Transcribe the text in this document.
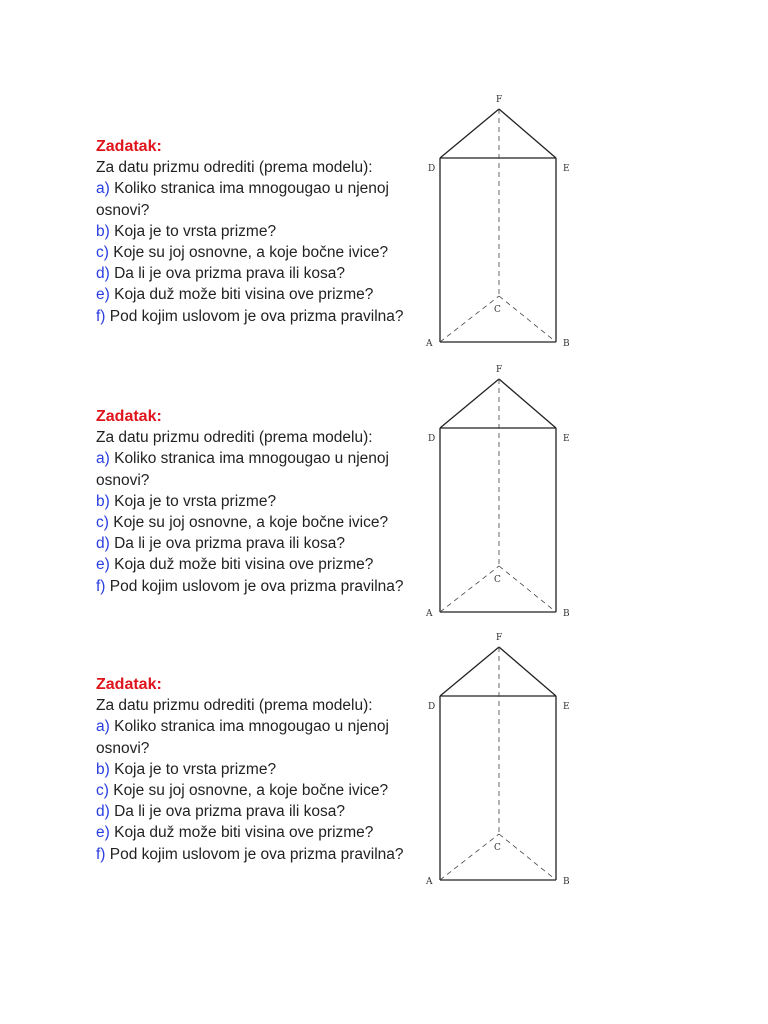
Zadatak:

Za datu prizmu odrediti (prema modelu):

a) Koliko stranica ima mnogougao u njenoj

osnovi?

b) Koja je to vrsta prizme?

c) Koje su joj osnovne, a koje bočne ivice?

d) Da li je ova prizma prava ili kosa?

e) Koja duž može biti visina ove prizme?

f) Pod kojim uslovom je ova prizma pravilna?

F
D	E
C
A	B

Zadatak:

Za datu prizmu odrediti (prema modelu):

a) Koliko stranica ima mnogougao u njenoj

osnovi?

b) Koja je to vrsta prizme?

c) Koje su joj osnovne, a koje bočne ivice?

d) Da li je ova prizma prava ili kosa?

e) Koja duž može biti visina ove prizme?

f) Pod kojim uslovom je ova prizma pravilna?

F
D	E
C
A	B

Zadatak:

Za datu prizmu odrediti (prema modelu):

a) Koliko stranica ima mnogougao u njenoj

osnovi?

b) Koja je to vrsta prizme?

c) Koje su joj osnovne, a koje bočne ivice?

d) Da li je ova prizma prava ili kosa?

e) Koja duž može biti visina ove prizme?

f) Pod kojim uslovom je ova prizma pravilna?

F
D	E
C
A	B
